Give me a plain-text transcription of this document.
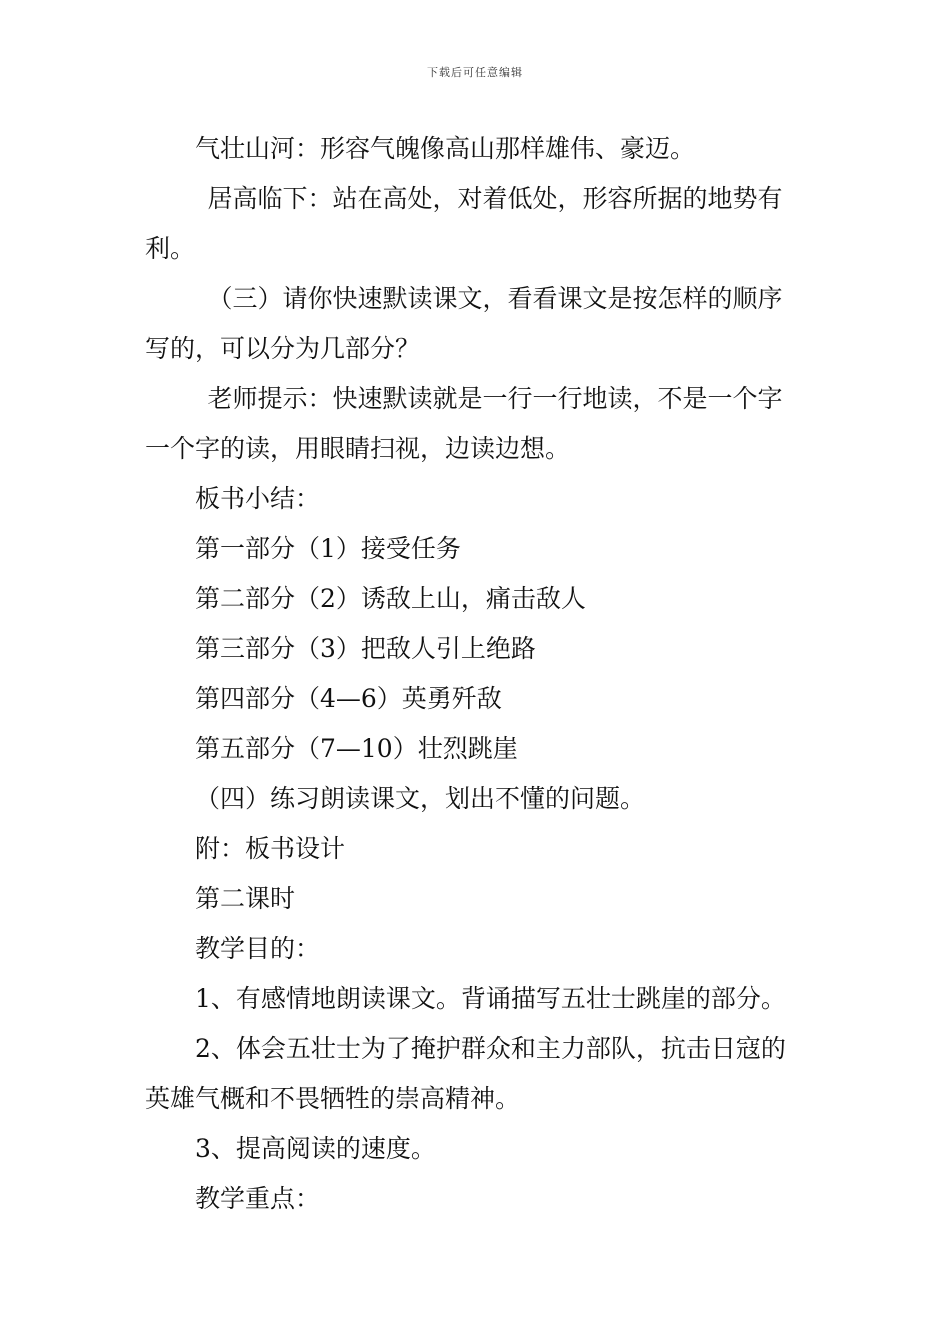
下载后可任意编辑

气壮山河：形容气魄像高山那样雄伟、豪迈。

居高临下：站在高处，对着低处，形容所据的地势有利。

（三）请你快速默读课文，看看课文是按怎样的顺序写的，可以分为几部分？

老师提示：快速默读就是一行一行地读，不是一个字一个字的读，用眼睛扫视，边读边想。

板书小结：

第一部分（1）接受任务

第二部分（2）诱敌上山，痛击敌人

第三部分（3）把敌人引上绝路

第四部分（4—6）英勇歼敌

第五部分（7—10）壮烈跳崖

（四）练习朗读课文，划出不懂的问题。

附：板书设计

第二课时

教学目的：

1、有感情地朗读课文。背诵描写五壮士跳崖的部分。

2、体会五壮士为了掩护群众和主力部队，抗击日寇的英雄气概和不畏牺牲的崇高精神。

3、提高阅读的速度。

教学重点：
